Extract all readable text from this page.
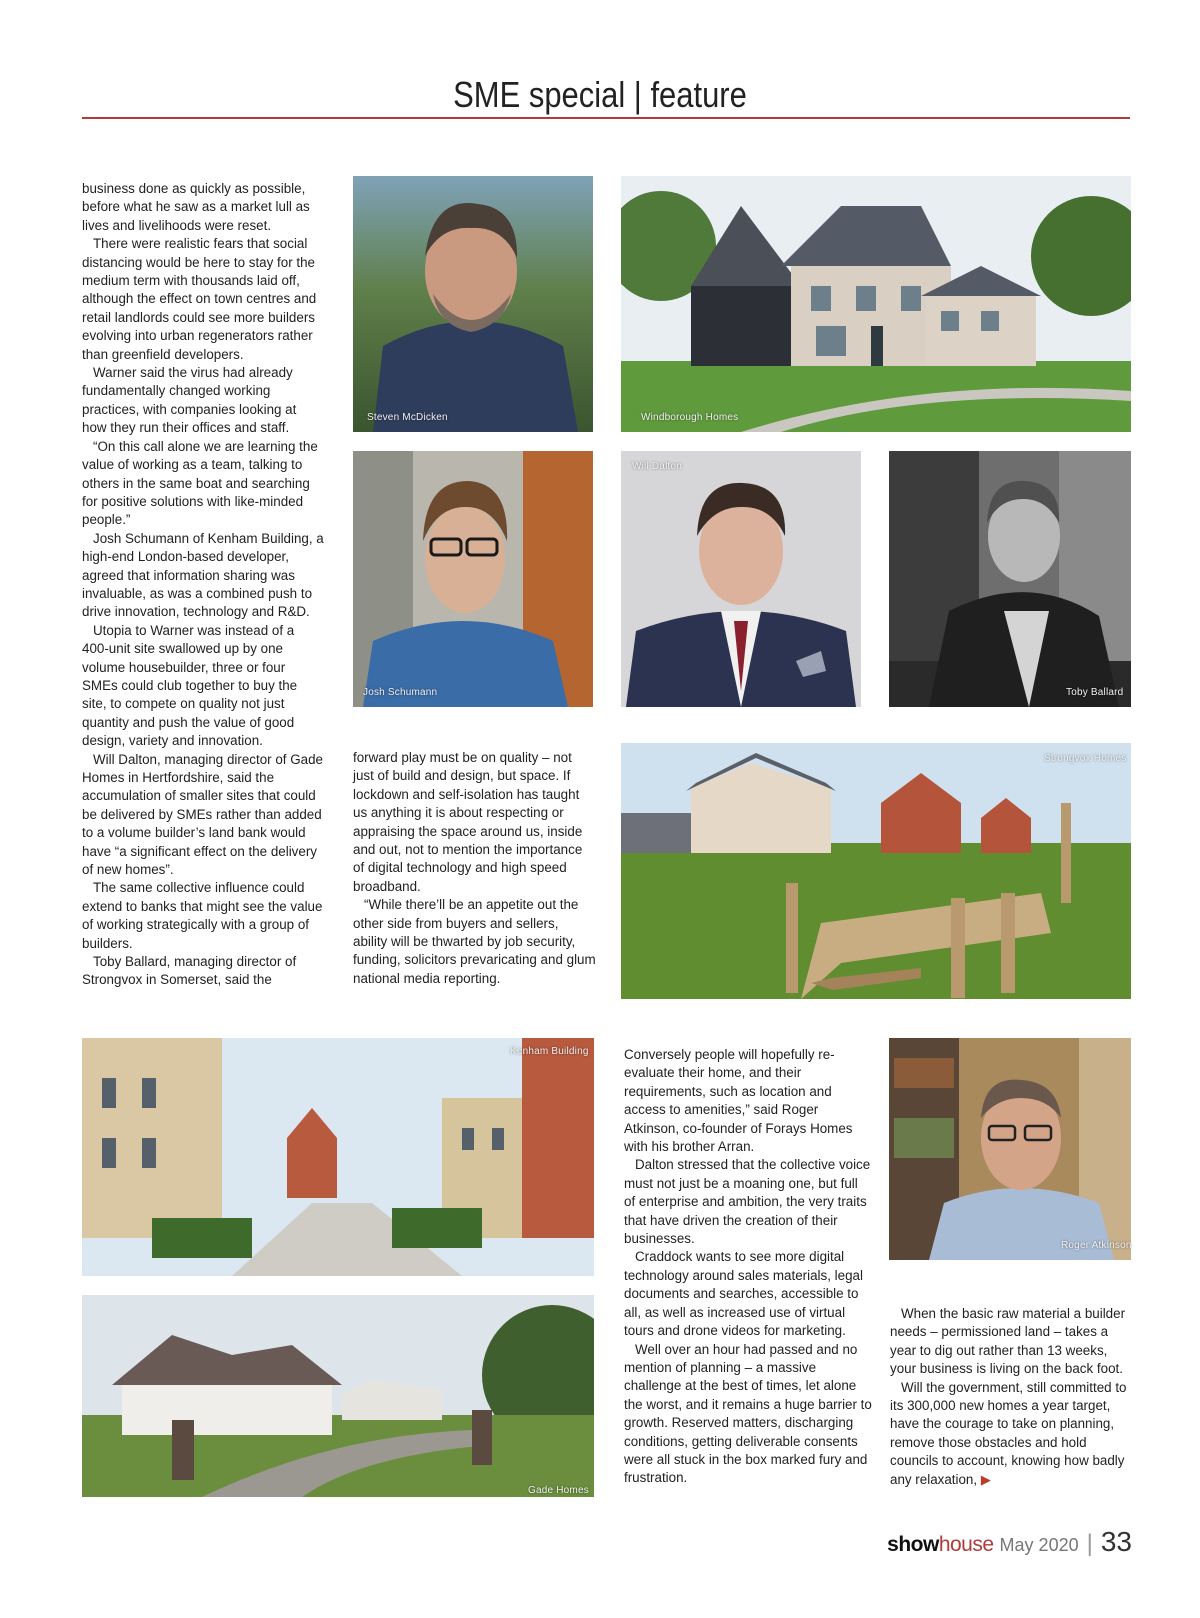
SME special | feature

business done as quickly as possible, before what he saw as a market lull as lives and livelihoods were reset.

There were realistic fears that social distancing would be here to stay for the medium term with thousands laid off, although the effect on town centres and retail landlords could see more builders evolving into urban regenerators rather than greenfield developers.

Warner said the virus had already fundamentally changed working practices, with companies looking at how they run their offices and staff.

“On this call alone we are learning the value of working as a team, talking to others in the same boat and searching for positive solutions with like-minded people.”

Josh Schumann of Kenham Building, a high-end London-based developer, agreed that information sharing was invaluable, as was a combined push to drive innovation, technology and R&D.

Utopia to Warner was instead of a 400-unit site swallowed up by one volume housebuilder, three or four SMEs could club together to buy the site, to compete on quality not just quantity and push the value of good design, variety and innovation.

Will Dalton, managing director of Gade Homes in Hertfordshire, said the accumulation of smaller sites that could be delivered by SMEs rather than added to a volume builder’s land bank would have “a significant effect on the delivery of new homes”.

The same collective influence could extend to banks that might see the value of working strategically with a group of builders.

Toby Ballard, managing director of Strongvox in Somerset, said the

Steven McDicken	Windborough Homes
Josh Schumann
Will Dalton
Toby Ballard

forward play must be on quality – not just of build and design, but space. If lockdown and self-isolation has taught us anything it is about respecting or appraising the space around us, inside and out, not to mention the importance of digital technology and high speed broadband.

“While there’ll be an appetite out the other side from buyers and sellers, ability will be thwarted by job security, funding, solicitors prevaricating and glum national media reporting.

Strongvox Homes
Kenham Building
Gade Homes

Conversely people will hopefully re-evaluate their home, and their requirements, such as location and access to amenities,” said Roger Atkinson, co-founder of Forays Homes with his brother Arran.

Dalton stressed that the collective voice must not just be a moaning one, but full of enterprise and ambition, the very traits that have driven the creation of their businesses.

Craddock wants to see more digital technology around sales materials, legal documents and searches, accessible to all, as well as increased use of virtual tours and drone videos for marketing.

Well over an hour had passed and no mention of planning – a massive challenge at the best of times, let alone the worst, and it remains a huge barrier to growth. Reserved matters, discharging conditions, getting deliverable consents were all stuck in the box marked fury and frustration.

Roger Atkinson

When the basic raw material a builder needs – permissioned land – takes a year to dig out rather than 13 weeks, your business is living on the back foot.

Will the government, still committed to its 300,000 new homes a year target, have the courage to take on planning, remove those obstacles and hold councils to account, knowing how badly any relaxation, ▶

show house May 2020 | 33
